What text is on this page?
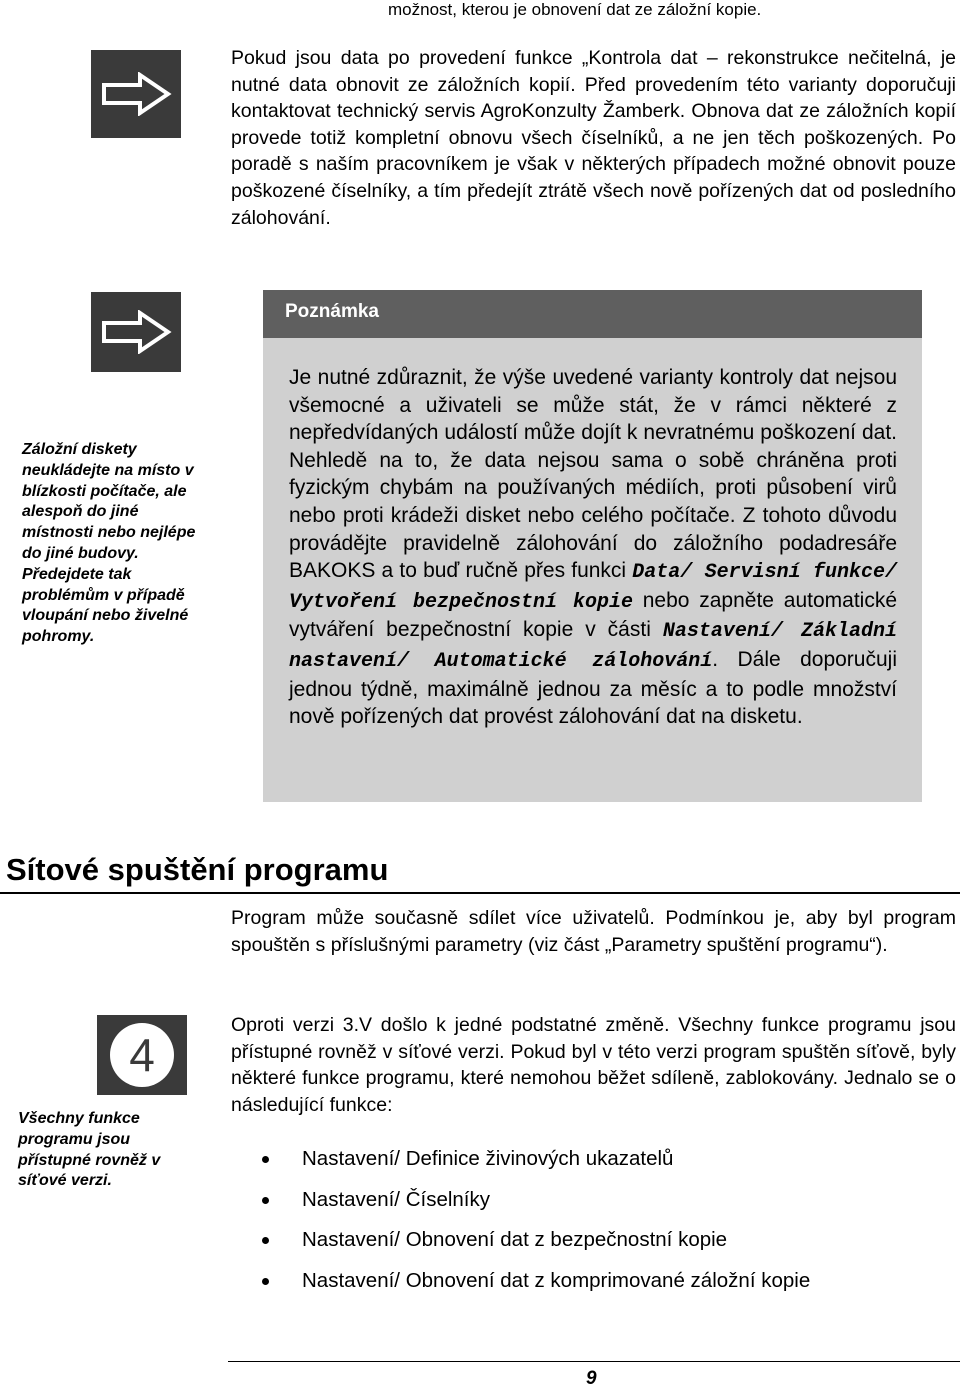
možnost, kterou je obnovení dat ze záložní kopie.
Pokud jsou data po provedení funkce „Kontrola dat – rekonstrukce nečitelná, je nutné data obnovit ze záložních kopií. Před provedením této varianty doporučuji kontaktovat technický servis AgroKonzulty Žamberk. Obnova dat ze záložních kopií provede totiž kompletní obnovu všech číselníků, a ne jen těch poškozených. Po poradě s naším pracovníkem je však v některých případech možné obnovit pouze poškozené číselníky, a tím předejít ztrátě všech nově pořízených dat od posledního zálohování.
Poznámka
Je nutné zdůraznit, že výše uvedené varianty kontroly dat nejsou všemocné a uživateli se může stát, že v rámci některé z nepředvídaných událostí může dojít k nevratnému poškození dat. Nehledě na to, že data nejsou sama o sobě chráněna proti fyzickým chybám na používaných médiích, proti působení virů nebo proti krádeži disket nebo celého počítače. Z tohoto důvodu provádějte pravidelně zálohování do záložního podadresáře BAKOKS a to buď ručně přes funkci Data/ Servisní funkce/ Vytvoření bezpečnostní kopie nebo zapněte automatické vytváření bezpečnostní kopie v části Nastavení/ Základní nastavení/ Automatické zálohování. Dále doporučuji jednou týdně, maximálně jednou za měsíc a to podle množství nově pořízených dat provést zálohování dat na disketu.
Záložní diskety neukládejte na místo v blízkosti počítače, ale alespoň do jiné místnosti nebo nejlépe do jiné budovy. Předejdete tak problémům v případě vloupání nebo živelné pohromy.
Sítové spuštění programu
Program může současně sdílet více uživatelů. Podmínkou je, aby byl program spouštěn s příslušnými parametry (viz část „Parametry spuštění programu“).
4
Všechny funkce programu jsou přístupné rovněž v síťové verzi.
Oproti verzi 3.V došlo k jedné podstatné změně. Všechny funkce programu jsou přístupné rovněž v síťové verzi. Pokud byl v této verzi program spuštěn síťově, byly některé funkce programu, které nemohou běžet sdíleně, zablokovány. Jednalo se o následující funkce:
Nastavení/ Definice živinových ukazatelů
Nastavení/ Číselníky
Nastavení/ Obnovení dat z bezpečnostní kopie
Nastavení/ Obnovení dat z komprimované záložní kopie
9
